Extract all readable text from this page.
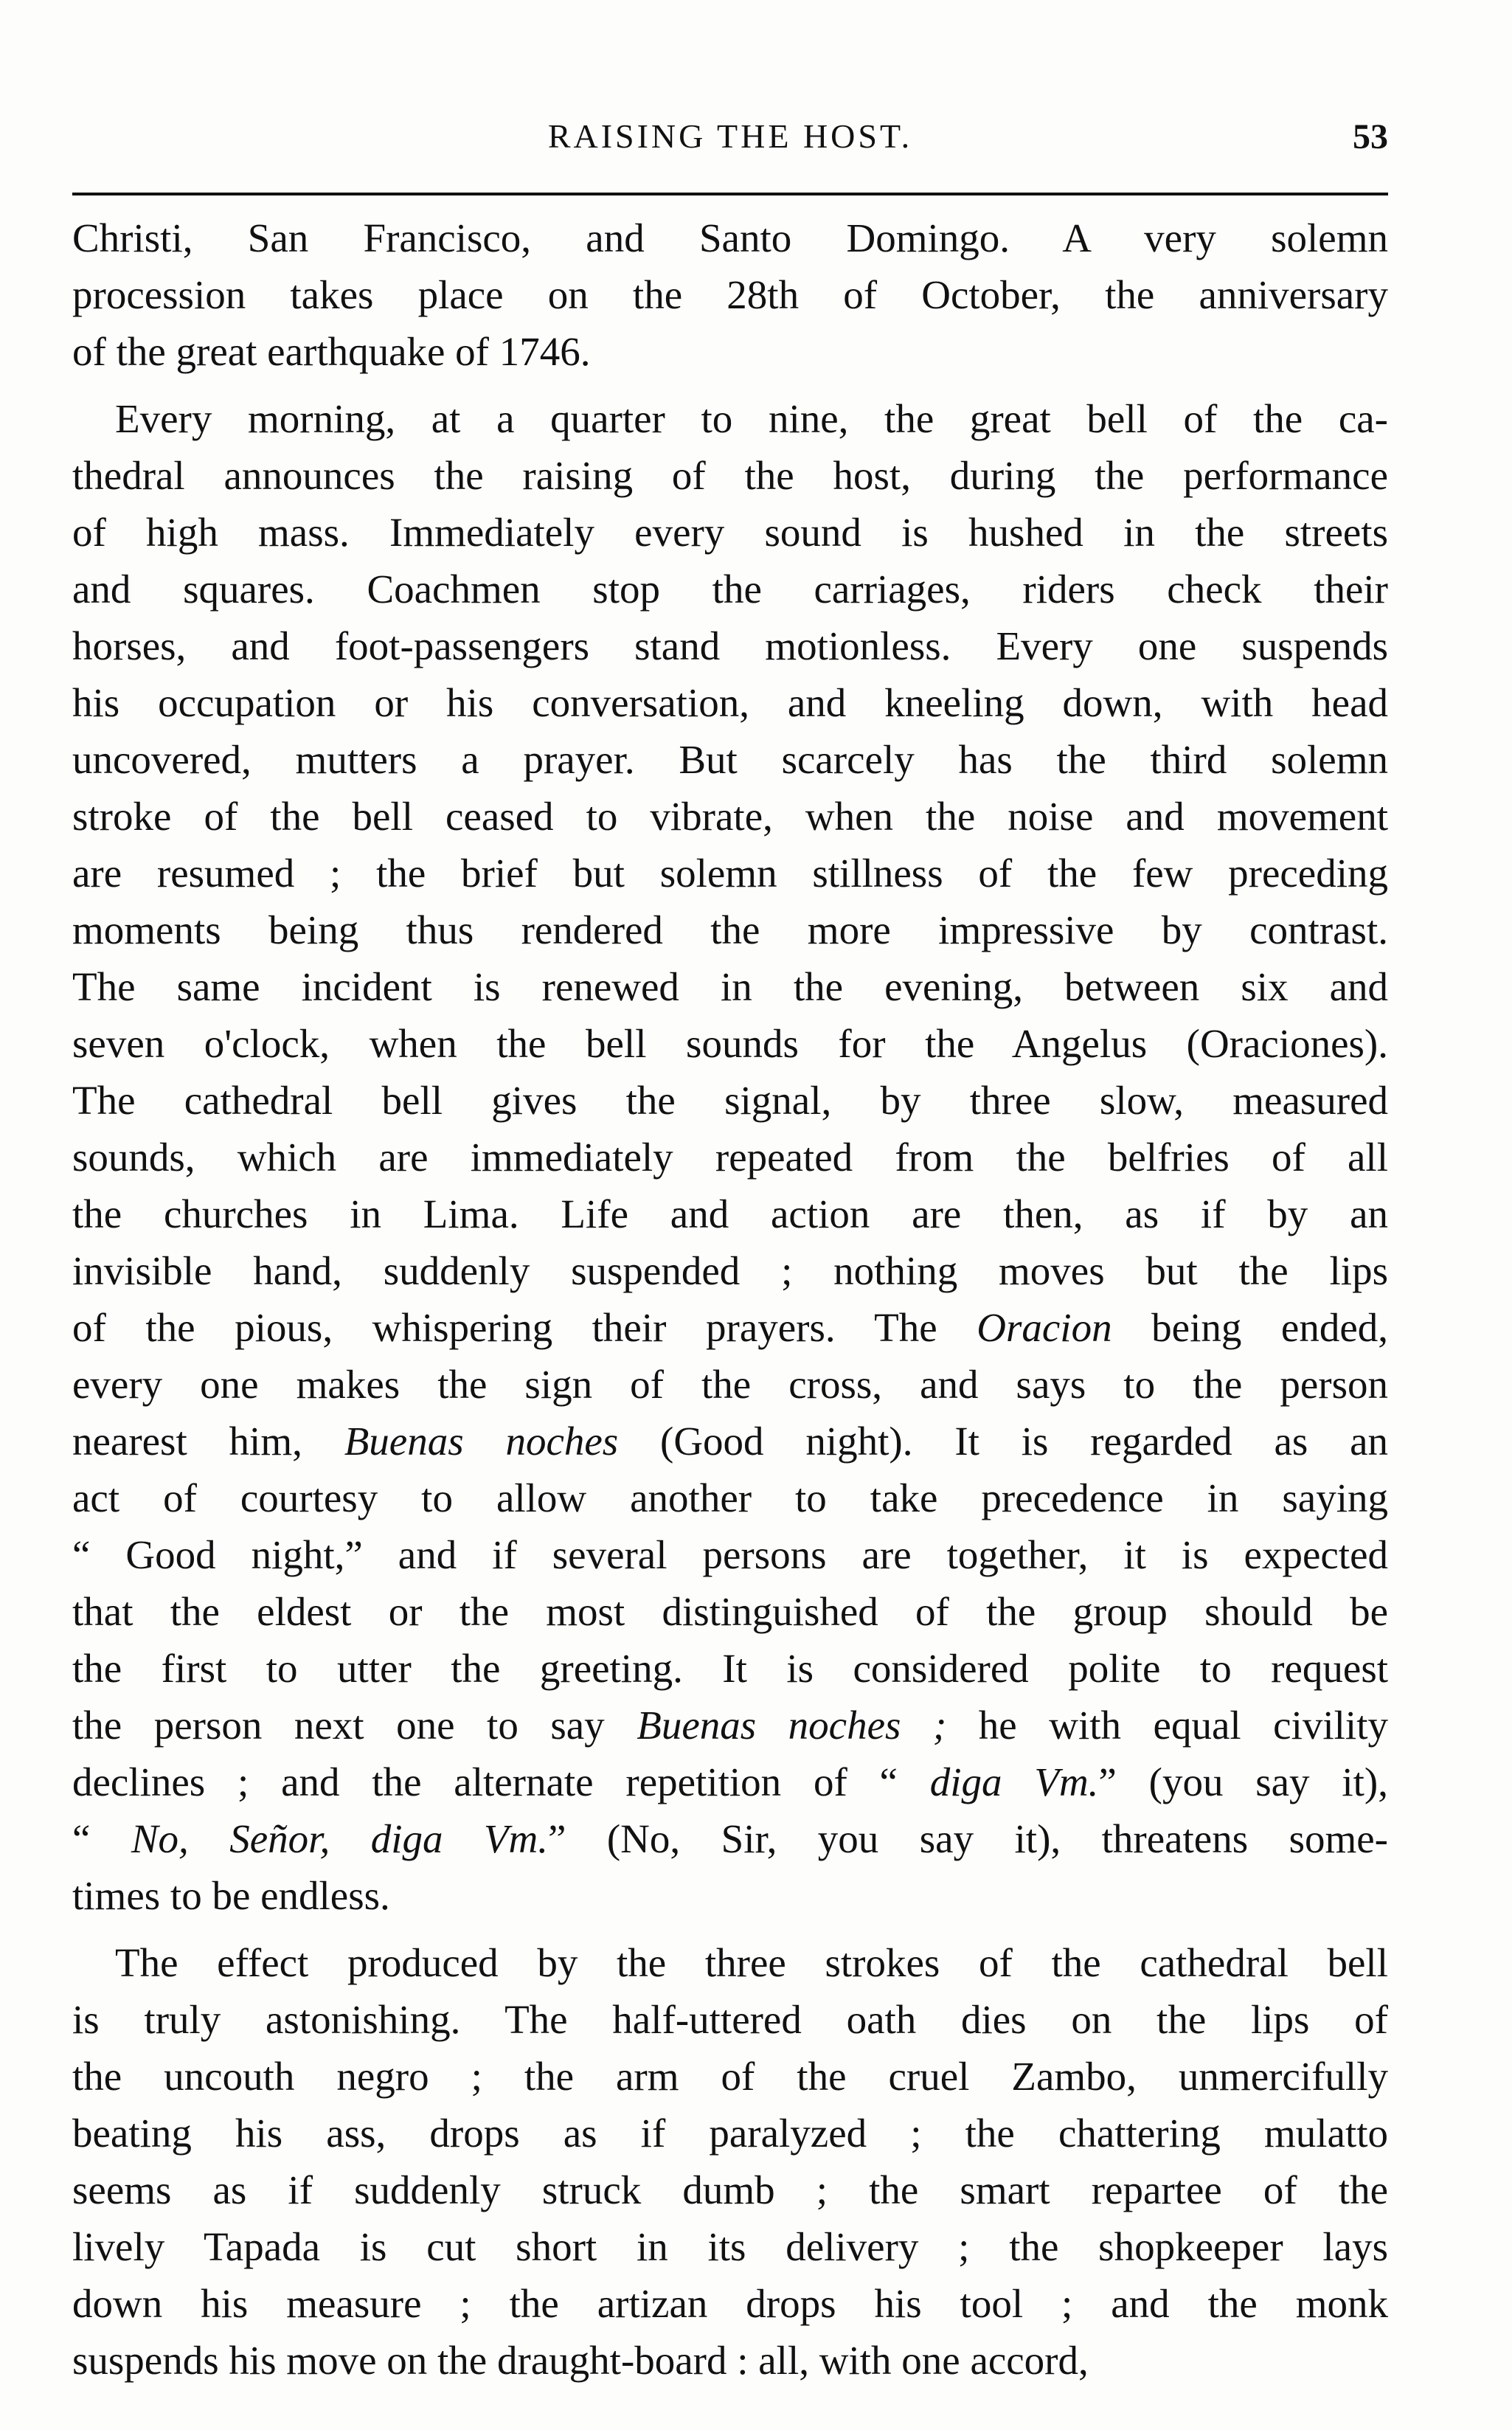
RAISING THE HOST.	53
Christi, San Francisco, and Santo Domingo. A very solemn
procession takes place on the 28th of October, the anniversary
of the great earthquake of 1746.
Every morning, at a quarter to nine, the great bell of the ca-
thedral announces the raising of the host, during the performance
of high mass. Immediately every sound is hushed in the streets
and squares. Coachmen stop the carriages, riders check their
horses, and foot-passengers stand motionless. Every one suspends
his occupation or his conversation, and kneeling down, with head
uncovered, mutters a prayer. But scarcely has the third solemn
stroke of the bell ceased to vibrate, when the noise and movement
are resumed ; the brief but solemn stillness of the few preceding
moments being thus rendered the more impressive by contrast.
The same incident is renewed in the evening, between six and
seven o'clock, when the bell sounds for the Angelus (Oraciones).
The cathedral bell gives the signal, by three slow, measured
sounds, which are immediately repeated from the belfries of all
the churches in Lima. Life and action are then, as if by an
invisible hand, suddenly suspended ; nothing moves but the lips
of the pious, whispering their prayers. The Oracion being ended,
every one makes the sign of the cross, and says to the person
nearest him, Buenas noches (Good night). It is regarded as an
act of courtesy to allow another to take precedence in saying
“ Good night,” and if several persons are together, it is expected
that the eldest or the most distinguished of the group should be
the first to utter the greeting. It is considered polite to request
the person next one to say Buenas noches ; he with equal civility
declines ; and the alternate repetition of “ diga Vm.” (you say it),
“ No, Señor, diga Vm.” (No, Sir, you say it), threatens some-
times to be endless.
The effect produced by the three strokes of the cathedral bell
is truly astonishing. The half-uttered oath dies on the lips of
the uncouth negro ; the arm of the cruel Zambo, unmercifully
beating his ass, drops as if paralyzed ; the chattering mulatto
seems as if suddenly struck dumb ; the smart repartee of the
lively Tapada is cut short in its delivery ; the shopkeeper lays
down his measure ; the artizan drops his tool ; and the monk
suspends his move on the draught-board : all, with one accord,
